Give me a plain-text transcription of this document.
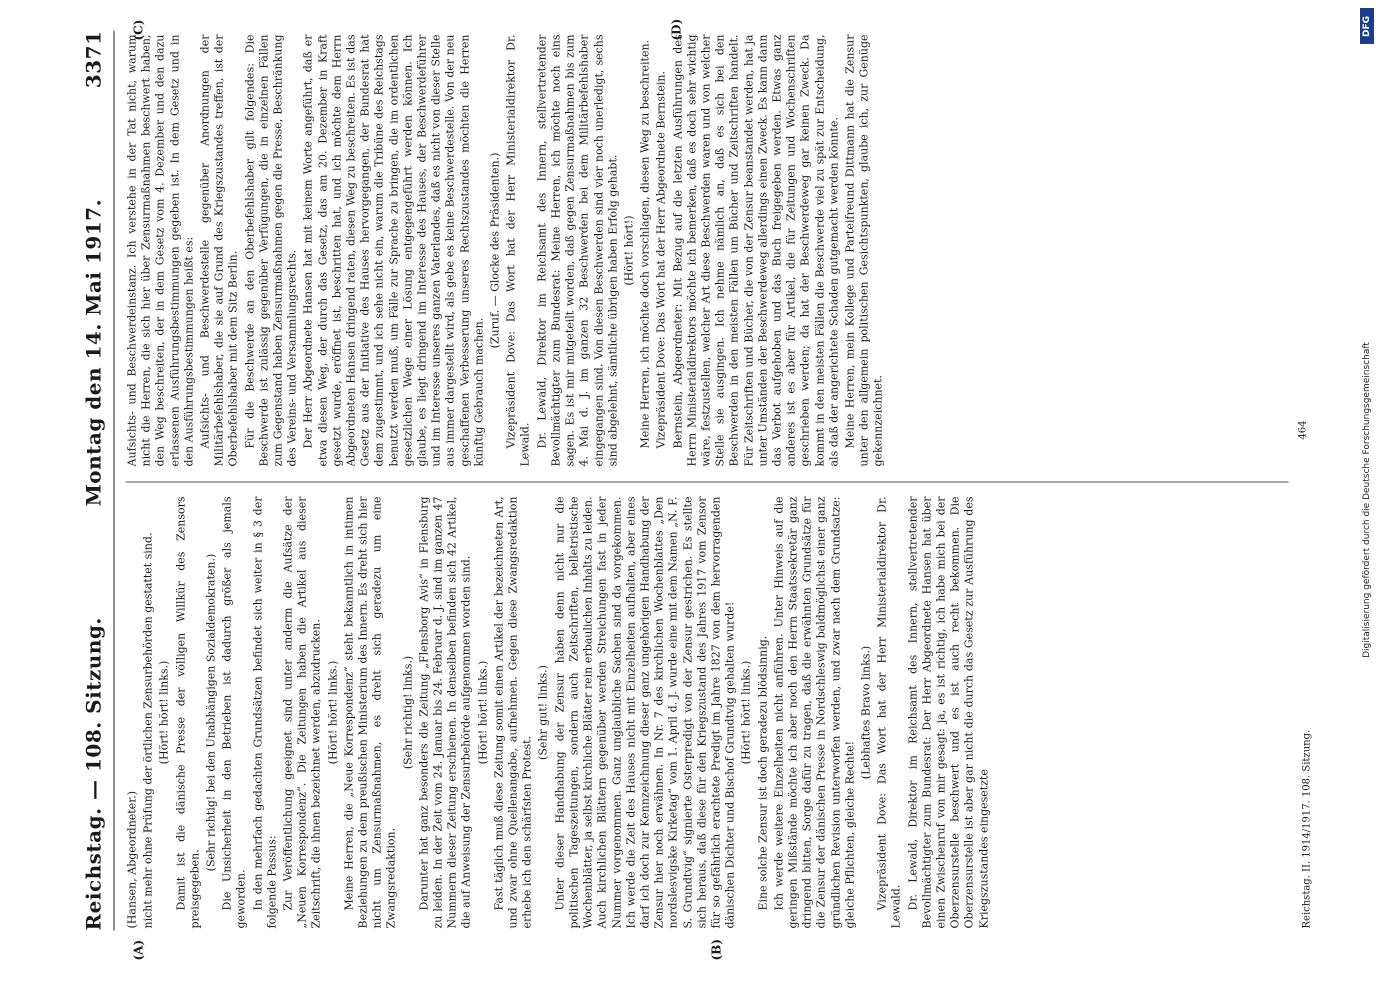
DFG
Digitalisierung gefördert durch die Deutsche Forschungsgemeinschaft
Reichstag. — 108. Sitzung.
Montag den 14. Mai 1917.
3371
(A)	(B)
(C)	(D)

(Hansen, Abgeordneter.) nicht mehr ohne Prüfung der örtlichen Zensurbehörden gestattet sind. (Hört! hört! links.) Damit ist die dänische Presse der völligen Willkür des Zensors preisgegeben.

(Sehr richtig! bei den Unabhängigen Sozialdemokraten.) Die Unsicherheit in den Betrieben ist dadurch größer als jemals geworden. In den mehrfach gedachten Grundsätzen befindet sich weiter in § 3 der folgende Passus: Zur Veröffentlichung geeignet sind unter anderm die Aufsätze der „Neuen Korrespondenz“. Die Zeitungen haben die Artikel aus dieser Zeitschrift, die ihnen bezeichnet werden, abzudrucken. (Hört! hört! links.) Meine Herren, die „Neue Korrespondenz“ steht bekanntlich in intimen Beziehungen zu dem preußischen Ministerium des Innern. Es dreht sich hier nicht um Zensurmaßnahmen, es dreht sich geradezu um eine Zwangsredaktion.

(Sehr richtig! links.) Darunter hat ganz besonders die Zeitung „Flensborg Avis“ in Flensburg zu leiden. In der Zeit vom 24. Januar bis 24. Februar d. J. sind im ganzen 47 Nummern dieser Zeitung erschienen. In denselben befinden sich 42 Artikel, die auf Anweisung der Zensurbehörde aufgenommen worden sind. (Hört! hört! links.) Fast täglich muß diese Zeitung somit einen Artikel der bezeichneten Art, und zwar ohne Quellenangabe, aufnehmen. Gegen diese Zwangsredaktion erhebe ich den schärfsten Protest.

(Sehr gut! links.) Unter dieser Handhabung der Zensur haben denn nicht nur die politischen Tageszeitungen, sondern auch Zeitschriften, belletristische Wochenblätter, ja selbst kirchliche Blätter rein erbaulichen Inhalts zu leiden. Auch kirchlichen Blättern gegenüber werden Streichungen fast in jeder Nummer vorgenommen. Ganz unglaubliche Sachen sind da vorgekommen. Ich werde die Zeit des Hauses nicht mit Einzelheiten aufhalten, aber eines darf ich doch zur Kennzeichnung dieser ganz ungehörigen Handhabung der Zensur hier noch erwähnen. In Nr. 7 des kirchlichen Wochenblattes „Den nordslesvigske Kirketag“ vom 1. April d. J. wurde eine mit dem Namen „N. F. S. Grundtvig“ signierte Osterpredigt von der Zensur gestrichen. Es stellte sich heraus, daß diese für den Kriegszustand des Jahres 1917 vom Zensor für so gefährlich erachtete Predigt im Jahre 1827 von dem hervorragenden dänischen Dichter und Bischof Grundtvig gehalten wurde! (Hört! hört! links.) Eine solche Zensur ist doch geradezu blödsinnig. Ich werde weitere Einzelheiten nicht anführen. Unter Hinweis auf die geringen Mißstände möchte ich aber noch den Herrn Staatssekretär ganz dringend bitten, Sorge dafür zu tragen, daß die erwähnten Grundsätze für die Zensur der dänischen Presse in Nordschleswig baldmöglichst einer ganz gründlichen Revision unterworfen werden, und zwar nach dem Grundsatze: gleiche Pflichten, gleiche Rechte!

(Lebhaftes Bravo links.) Vizepräsident Dove: Das Wort hat der Herr Ministerialdirektor Dr. Lewald. Dr. Lewald, Direktor im Reichsamt des Innern, stellvertretender Bevollmächtigter zum Bundesrat: Der Herr Abgeordnete Hansen hat über einen Zwischenruf von mir gesagt: ja, es ist richtig, ich habe mich bei der Oberzensurstelle beschwert und es ist auch recht bekommen. Die Oberzensurstelle ist aber gar nicht die durch das Gesetz zur Ausführung des Kriegszustandes eingesetzte

Aufsichts- und Beschwerdeinstanz. Ich verstehe in der Tat nicht, warum nicht die Herren, die sich hier über Zensurmaßnahmen beschwert haben, den Weg beschreiten, der in dem Gesetz vom 4. Dezember und den dazu erlassenen Ausführungsbestimmungen gegeben ist. In dem Gesetz und in den Ausführungsbestimmungen heißt es: Aufsichts- und Beschwerdestelle gegenüber Anordnungen der Militärbefehlshaber, die sie auf Grund des Kriegszustandes treffen, ist der Oberbefehlshaber mit dem Sitz Berlin. Für die Beschwerde an den Oberbefehlshaber gilt folgendes: Die Beschwerde ist zulässig gegenüber Verfügungen, die in einzelnen Fällen zum Gegenstand haben Zensurmaßnahmen gegen die Presse, Beschränkung des Vereins- und Versammlungsrechts. Der Herr Abgeordnete Hansen hat mit keinem Worte angeführt, daß er etwa diesen Weg, der durch das Gesetz, das am 20. Dezember in Kraft gesetzt wurde, eröffnet ist, beschritten hat, und ich möchte dem Herrn Abgeordneten Hansen dringend raten, diesen Weg zu beschreiten. Es ist das Gesetz aus der Initiative des Hauses hervorgegangen, der Bundesrat hat dem zugestimmt, und ich sehe nicht ein, warum die Tribüne des Reichstags benutzt werden muß, um Fälle zur Sprache zu bringen, die im ordentlichen gesetzlichen Wege einer Lösung entgegengeführt werden können. Ich glaube, es liegt dringend im Interesse des Hauses, der Beschwerdeführer und im Interesse unseres ganzen Vaterlandes, daß es nicht von dieser Stelle aus immer dargestellt wird, als gebe es keine Beschwerdestelle. Von der neu geschaffenen Verbesserung unseres Rechtszustandes möchten die Herren künftig Gebrauch machen.

(Zuruf. — Glocke des Präsidenten.) Vizepräsident Dove: Das Wort hat der Herr Ministerialdirektor Dr. Lewald. Dr. Lewald, Direktor im Reichsamt des Innern, stellvertretender Bevollmächtigter zum Bundesrat: Meine Herren, ich möchte noch eins sagen. Es ist mir mitgeteilt worden, daß gegen Zensurmaßnahmen bis zum 4. Mai d. J. im ganzen 32 Beschwerden bei dem Militärbefehlshaber eingegangen sind. Von diesen Beschwerden sind vier noch unerledigt, sechs sind abgelehnt, sämtliche übrigen haben Erfolg gehabt. (Hört! hört!) Meine Herren, ich möchte doch vorschlagen, diesen Weg zu beschreiten. Vizepräsident Dove: Das Wort hat der Herr Abgeordnete Bernstein. Bernstein, Abgeordneter: Mit Bezug auf die letzten Ausführungen des Herrn Ministerialdirektors möchte ich bemerken, daß es doch sehr wichtig wäre, festzustellen, welcher Art diese Beschwerden waren und von welcher Stelle sie ausgingen. Ich nehme nämlich an, daß es sich bei den Beschwerden in den meisten Fällen um Bücher und Zeitschriften handelt. Für Zeitschriften und Bücher, die von der Zensur beanstandet werden, hat ja unter Umständen der Beschwerdeweg allerdings einen Zweck. Es kann dann das Verbot aufgehoben und das Buch freigegeben werden. Etwas ganz anderes ist es aber für Artikel, die für Zeitungen und Wochenschriften geschrieben werden; da hat der Beschwerdeweg gar keinen Zweck. Da kommt in den meisten Fällen die Beschwerde viel zu spät zur Entscheidung, als daß der angerichtete Schaden gutgemacht werden könnte. Meine Herren, mein Kollege und Parteifreund Dittmann hat die Zensur unter den allgemein politischen Gesichtspunkten, glaube ich, zur Genüge gekennzeichnet.

Reichstag. II. 1914/1917. 108. Sitzung.
464
